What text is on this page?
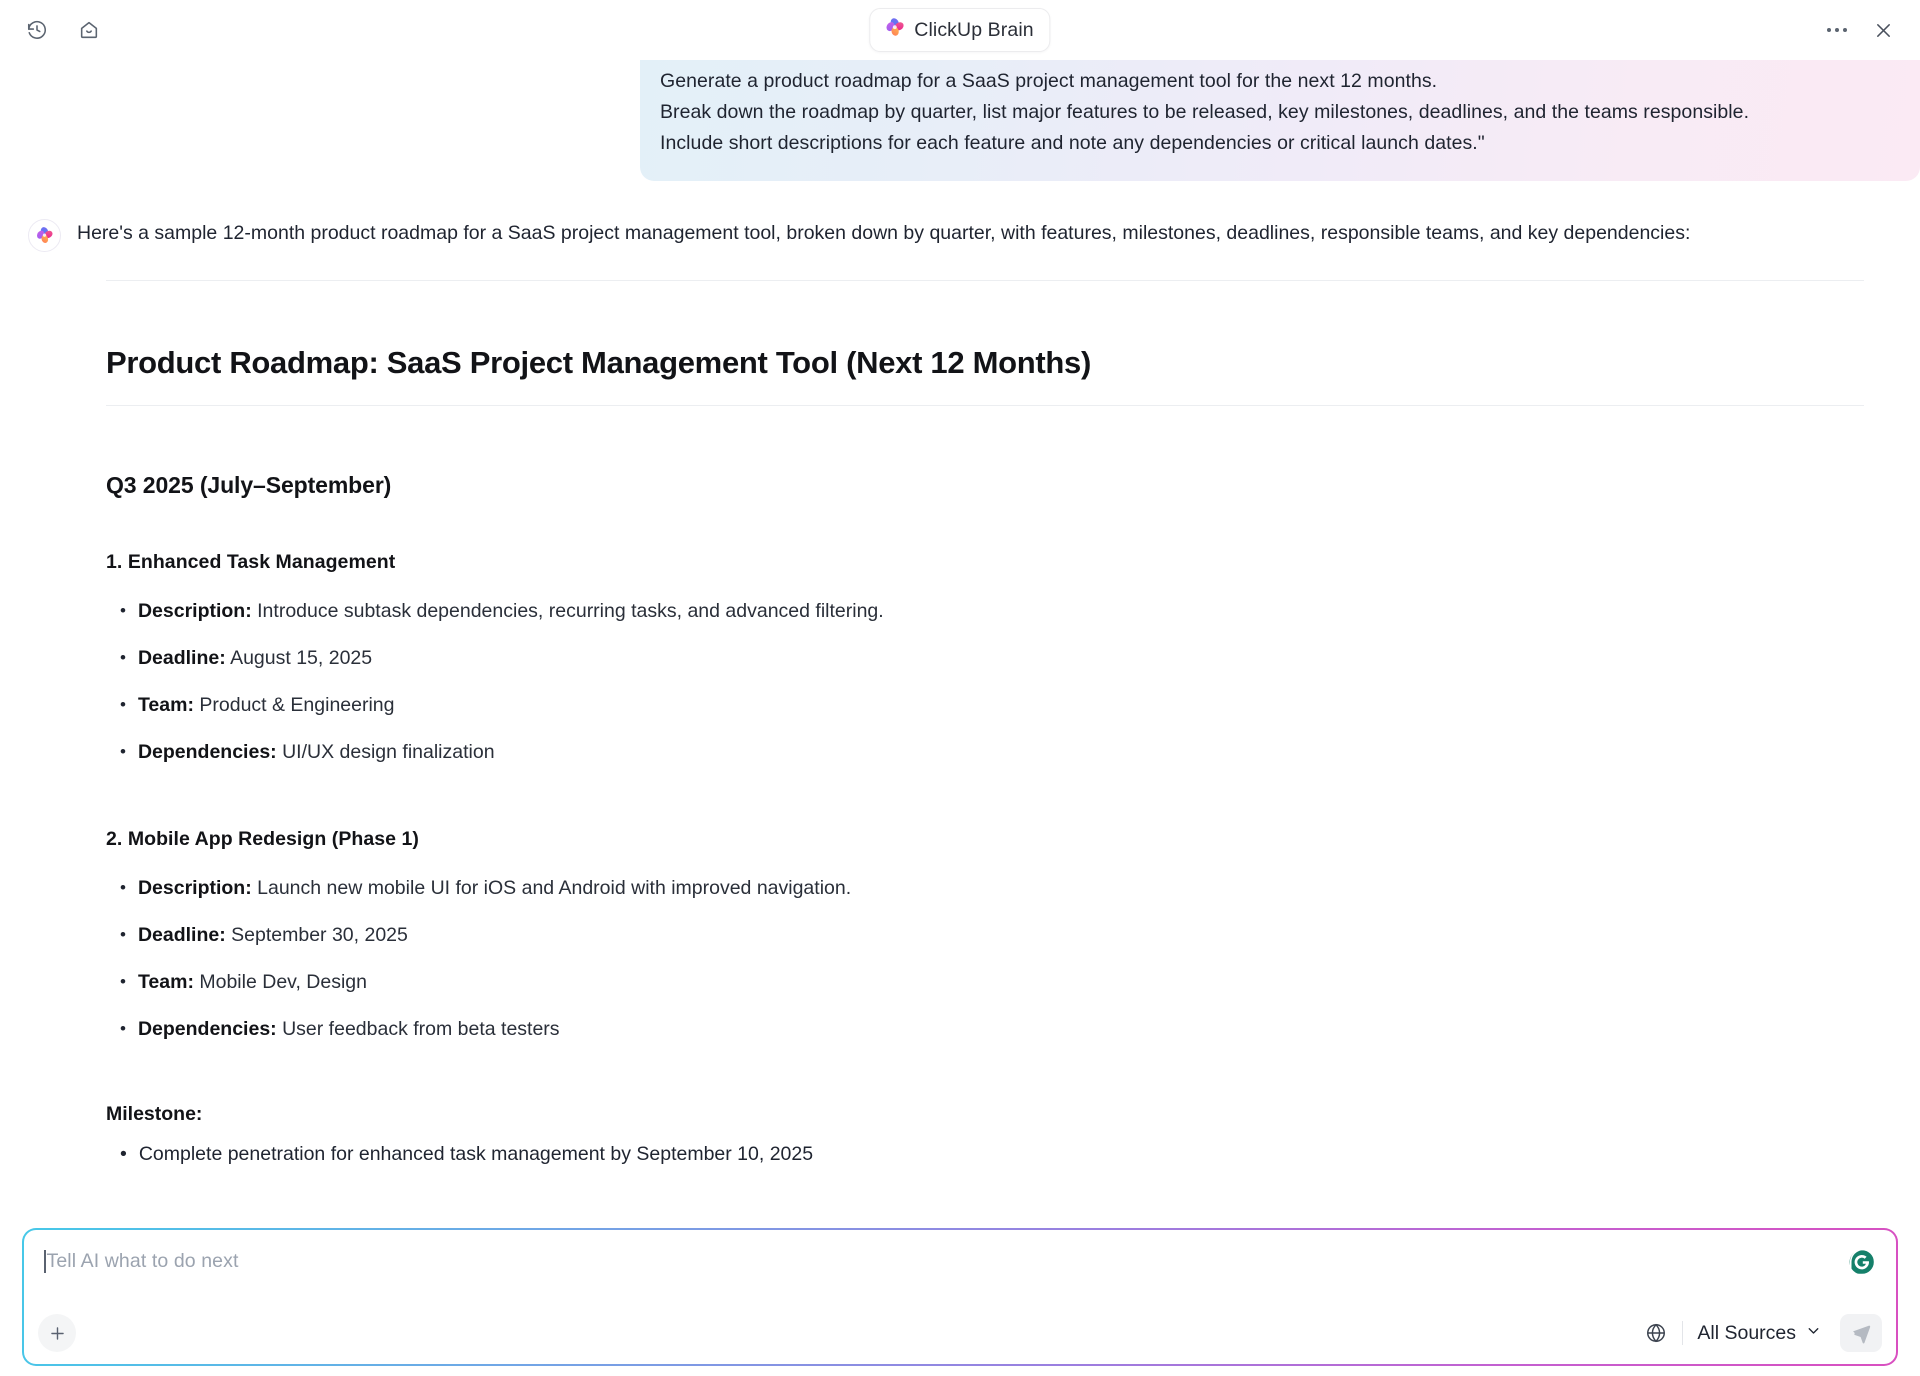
ClickUp Brain
Generate a product roadmap for a SaaS project management tool for the next 12 months.
Break down the roadmap by quarter, list major features to be released, key milestones, deadlines, and the teams responsible.
Include short descriptions for each feature and note any dependencies or critical launch dates."
Here's a sample 12-month product roadmap for a SaaS project management tool, broken down by quarter, with features, milestones, deadlines, responsible teams, and key dependencies:
Product Roadmap: SaaS Project Management Tool (Next 12 Months)
Q3 2025 (July–September)
1. Enhanced Task Management
• Description: Introduce subtask dependencies, recurring tasks, and advanced filtering.
• Deadline: August 15, 2025
• Team: Product & Engineering
• Dependencies: UI/UX design finalization
2. Mobile App Redesign (Phase 1)
• Description: Launch new mobile UI for iOS and Android with improved navigation.
• Deadline: September 30, 2025
• Team: Mobile Dev, Design
• Dependencies: User feedback from beta testers
Milestone:
• Complete penetration for enhanced task management by September 10, 2025
Tell AI what to do next
All Sources
